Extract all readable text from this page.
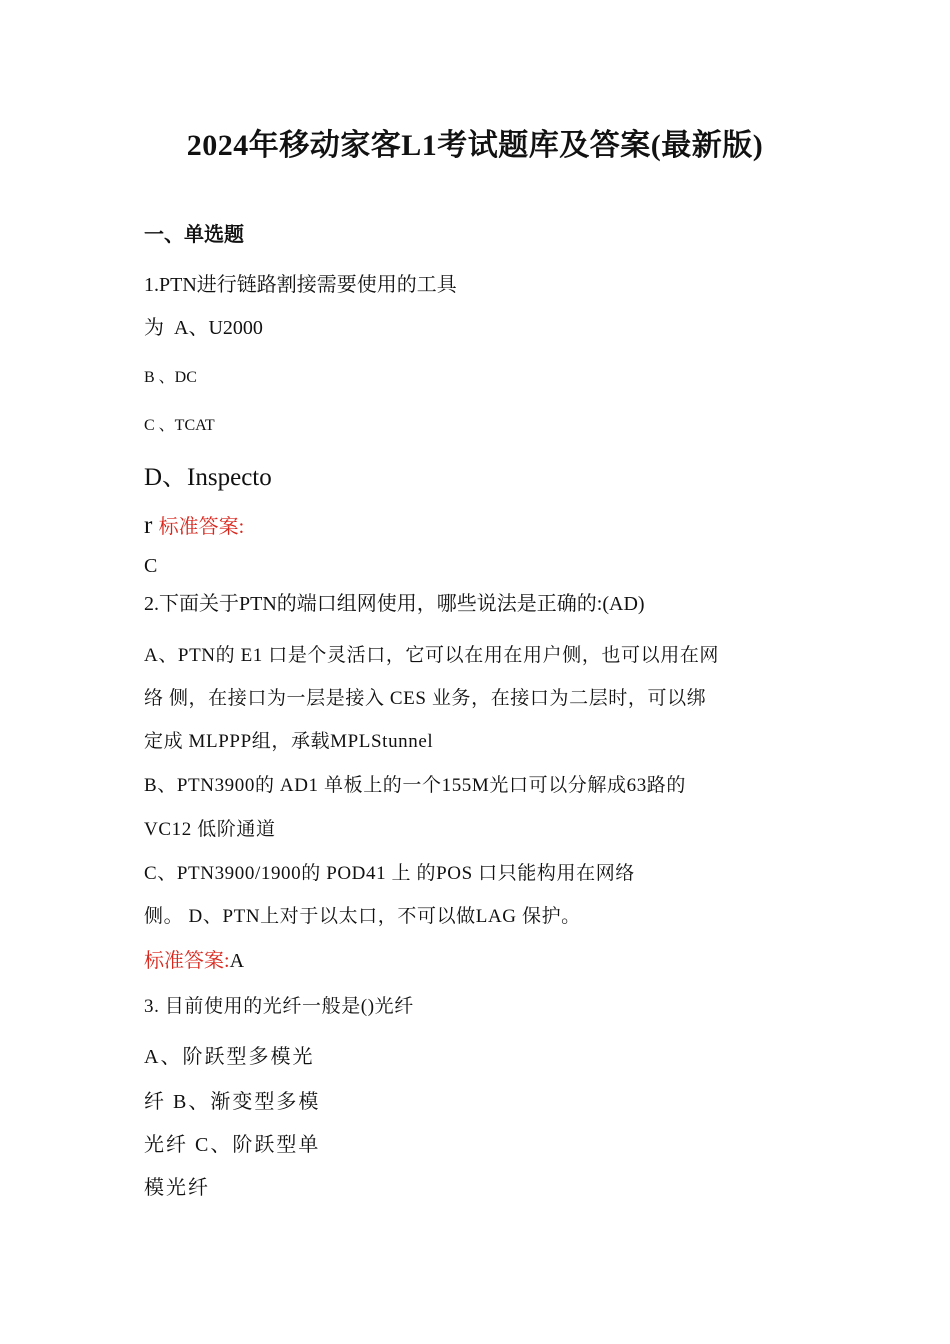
2024年移动家客L1考试题库及答案(最新版)

一、单选题

1.PTN进行链路割接需要使用的工具

为  A、U2000

B 、DC

C 、TCAT

D、Inspecto

r 标准答案:

C

2.下面关于PTN的端口组网使用，哪些说法是正确的:(AD)

A、PTN的 E1 口是个灵活口，它可以在用在用户侧，也可以用在网

络 侧，在接口为一层是接入 CES 业务，在接口为二层时，可以绑

定成 MLPPP组，承载MPLStunnel

B、PTN3900的 AD1 单板上的一个155M光口可以分解成63路的

VC12 低阶通道

C、PTN3900/1900的 POD41 上 的POS 口只能构用在网络

侧。 D、PTN上对于以太口，不可以做LAG 保护。

标准答案:A

3. 目前使用的光纤一般是()光纤

A、阶跃型多模光

纤 B、渐变型多模

光纤 C、阶跃型单

模光纤
